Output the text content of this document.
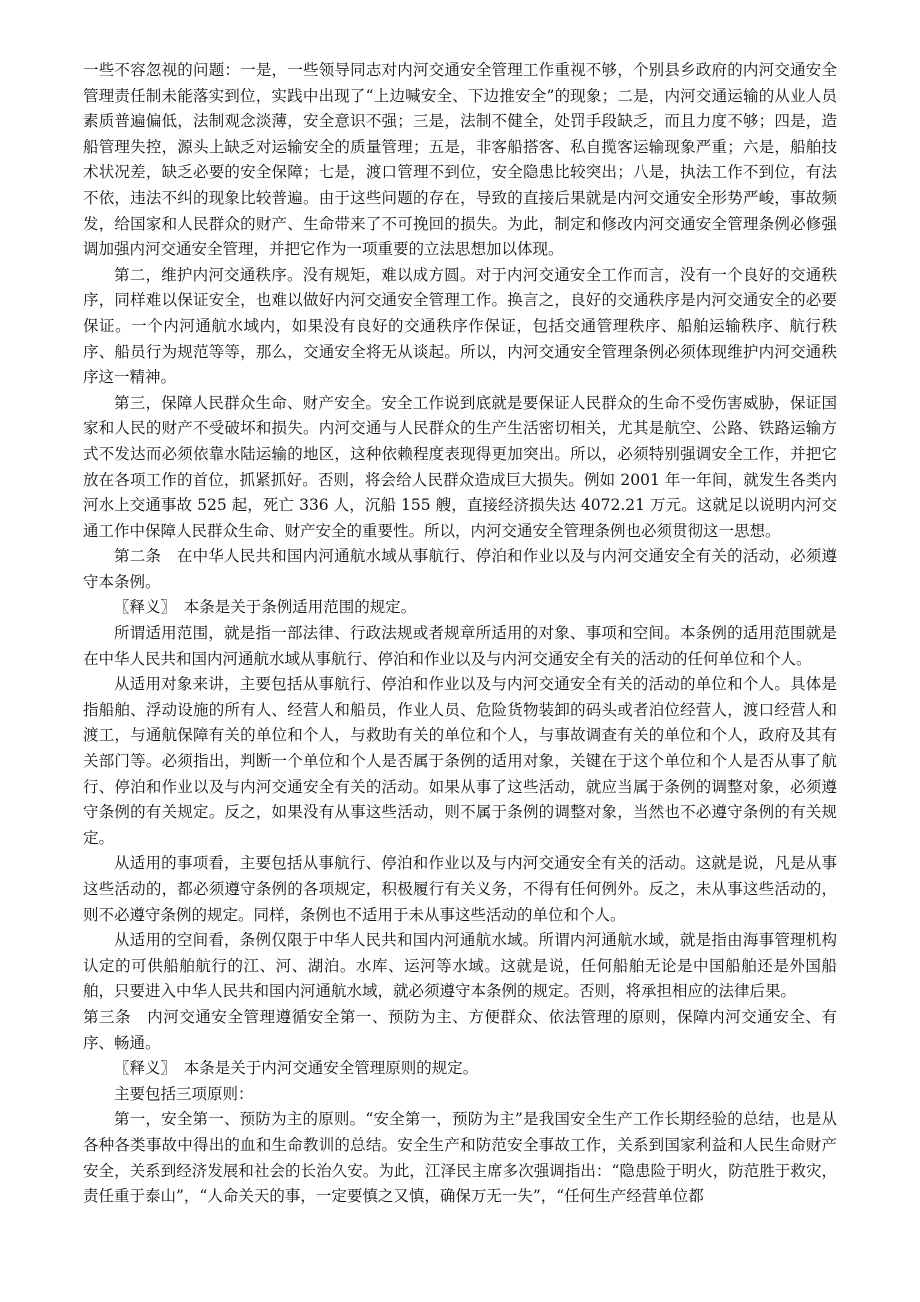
一些不容忽视的问题：一是，一些领导同志对内河交通安全管理工作重视不够，个别县乡政府的内河交通安全管理责任制未能落实到位，实践中出现了“上边喊安全、下边推安全”的现象；二是，内河交通运输的从业人员素质普遍偏低，法制观念淡薄，安全意识不强；三是，法制不健全，处罚手段缺乏，而且力度不够；四是，造船管理失控，源头上缺乏对运输安全的质量管理；五是，非客船搭客、私自揽客运输现象严重；六是，船舶技术状况差，缺乏必要的安全保障；七是，渡口管理不到位，安全隐患比较突出；八是，执法工作不到位，有法不依，违法不纠的现象比较普遍。由于这些问题的存在，导致的直接后果就是内河交通安全形势严峻，事故频发，给国家和人民群众的财产、生命带来了不可挽回的损失。为此，制定和修改内河交通安全管理条例必修强调加强内河交通安全管理，并把它作为一项重要的立法思想加以体现。

第二，维护内河交通秩序。没有规矩，难以成方圆。对于内河交通安全工作而言，没有一个良好的交通秩序，同样难以保证安全，也难以做好内河交通安全管理工作。换言之，良好的交通秩序是内河交通安全的必要保证。一个内河通航水域内，如果没有良好的交通秩序作保证，包括交通管理秩序、船舶运输秩序、航行秩序、船员行为规范等等，那么，交通安全将无从谈起。所以，内河交通安全管理条例必须体现维护内河交通秩序这一精神。

第三，保障人民群众生命、财产安全。安全工作说到底就是要保证人民群众的生命不受伤害威胁，保证国家和人民的财产不受破坏和损失。内河交通与人民群众的生产生活密切相关，尤其是航空、公路、铁路运输方式不发达而必须依靠水陆运输的地区，这种依赖程度表现得更加突出。所以，必须特别强调安全工作，并把它放在各项工作的首位，抓紧抓好。否则，将会给人民群众造成巨大损失。例如 2001 年一年间，就发生各类内河水上交通事故 525 起，死亡 336 人，沉船 155 艘，直接经济损失达 4072.21 万元。这就足以说明内河交通工作中保障人民群众生命、财产安全的重要性。所以，内河交通安全管理条例也必须贯彻这一思想。

第二条　在中华人民共和国内河通航水域从事航行、停泊和作业以及与内河交通安全有关的活动，必须遵守本条例。

〖释义〗　本条是关于条例适用范围的规定。

所谓适用范围，就是指一部法律、行政法规或者规章所适用的对象、事项和空间。本条例的适用范围就是在中华人民共和国内河通航水域从事航行、停泊和作业以及与内河交通安全有关的活动的任何单位和个人。

从适用对象来讲，主要包括从事航行、停泊和作业以及与内河交通安全有关的活动的单位和个人。具体是指船舶、浮动设施的所有人、经营人和船员，作业人员、危险货物装卸的码头或者泊位经营人，渡口经营人和渡工，与通航保障有关的单位和个人，与救助有关的单位和个人，与事故调查有关的单位和个人，政府及其有关部门等。必须指出，判断一个单位和个人是否属于条例的适用对象，关键在于这个单位和个人是否从事了航行、停泊和作业以及与内河交通安全有关的活动。如果从事了这些活动，就应当属于条例的调整对象，必须遵守条例的有关规定。反之，如果没有从事这些活动，则不属于条例的调整对象，当然也不必遵守条例的有关规定。

从适用的事项看，主要包括从事航行、停泊和作业以及与内河交通安全有关的活动。这就是说，凡是从事这些活动的，都必须遵守条例的各项规定，积极履行有关义务，不得有任何例外。反之，未从事这些活动的，则不必遵守条例的规定。同样，条例也不适用于未从事这些活动的单位和个人。

从适用的空间看，条例仅限于中华人民共和国内河通航水域。所谓内河通航水域，就是指由海事管理机构认定的可供船舶航行的江、河、湖泊。水库、运河等水域。这就是说，任何船舶无论是中国船舶还是外国船舶，只要进入中华人民共和国内河通航水域，就必须遵守本条例的规定。否则，将承担相应的法律后果。

第三条　内河交通安全管理遵循安全第一、预防为主、方便群众、依法管理的原则，保障内河交通安全、有序、畅通。

〖释义〗　本条是关于内河交通安全管理原则的规定。

主要包括三项原则：

第一，安全第一、预防为主的原则。“安全第一，预防为主”是我国安全生产工作长期经验的总结，也是从各种各类事故中得出的血和生命教训的总结。安全生产和防范安全事故工作，关系到国家利益和人民生命财产安全，关系到经济发展和社会的长治久安。为此，江泽民主席多次强调指出：“隐患险于明火，防范胜于救灾，责任重于泰山”，“人命关天的事，一定要慎之又慎，确保万无一失”，“任何生产经营单位都
